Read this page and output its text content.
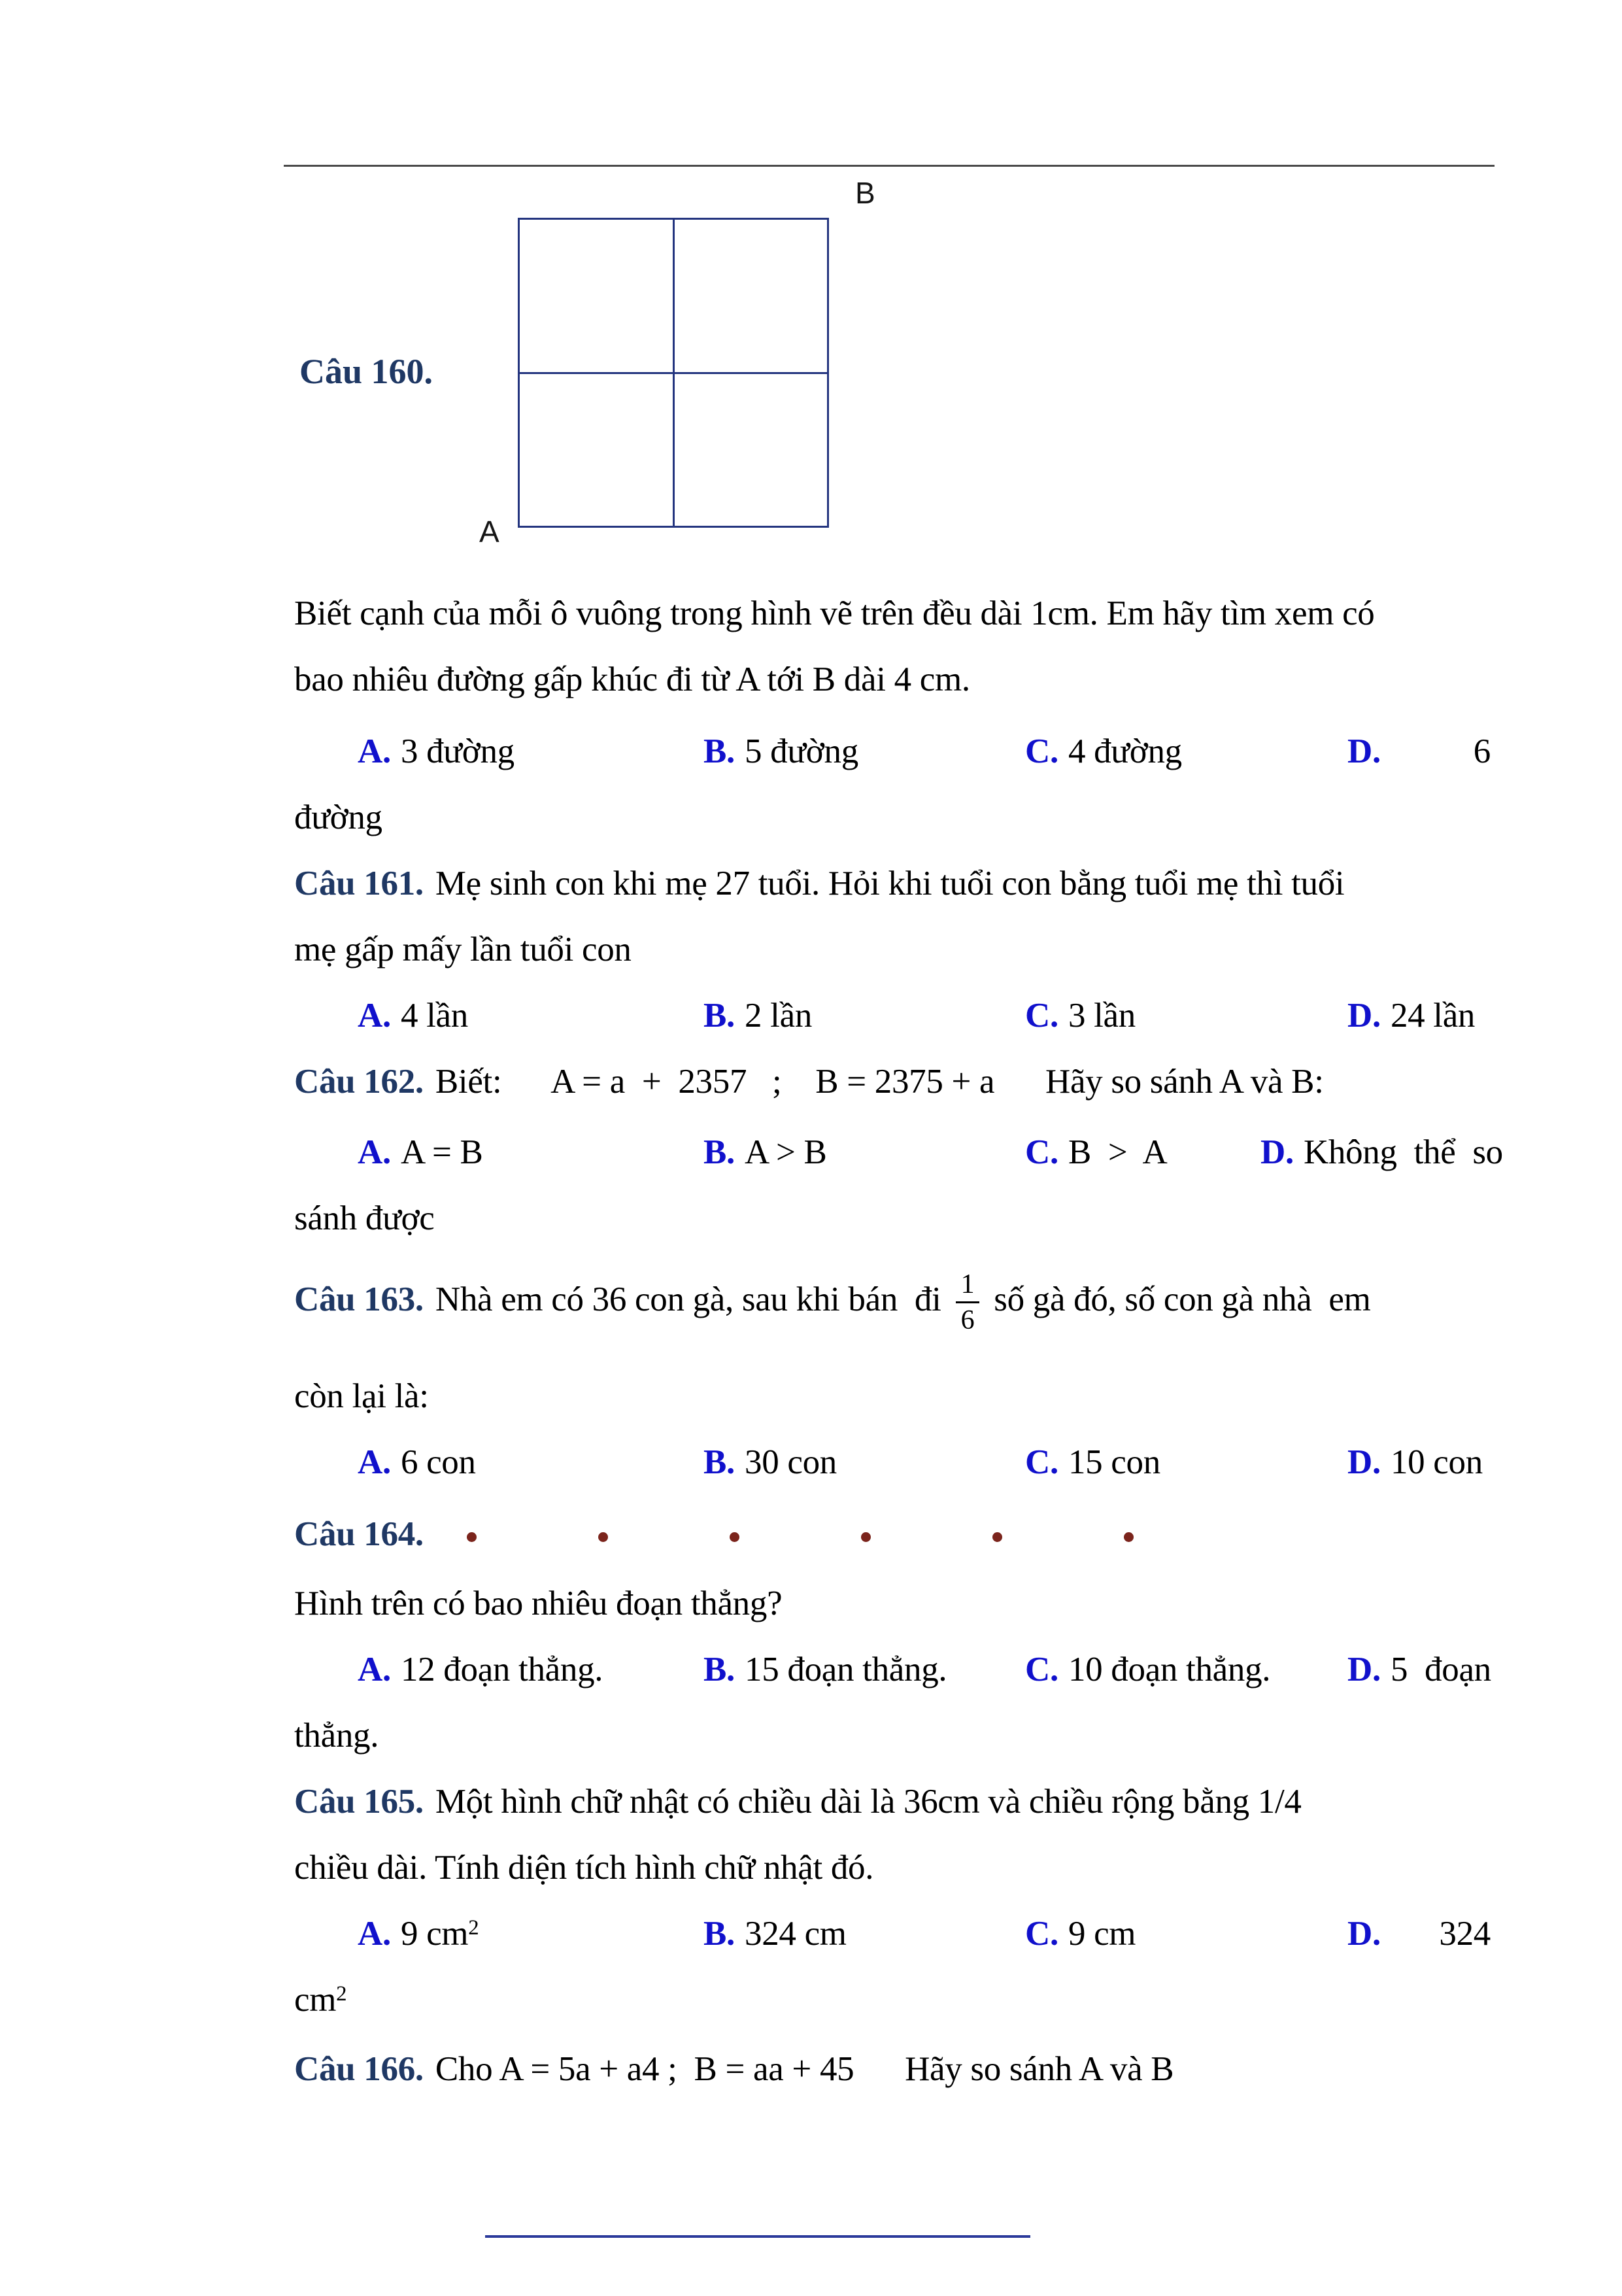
Câu 160.
B
A
Biết cạnh của mỗi ô vuông trong hình vẽ trên đều dài 1cm. Em hãy tìm xem có
bao nhiêu đường gấp khúc đi từ A tới B dài 4 cm.
A. 3 đường	B. 5 đường	C. 4 đường	D.	6
đường
Câu 161. Mẹ sinh con khi mẹ 27 tuổi. Hỏi khi tuổi con bằng tuổi mẹ thì tuổi
mẹ gấp mấy lần tuổi con
A. 4 lần	B. 2 lần	C. 3 lần	D. 24 lần
Câu 162. Biết:      A = a  +  2357   ;    B = 2375 + a      Hãy so sánh A và B:
A. A = B	B. A > B	C. B  >  A	D. Không  thể  so
sánh được
Câu 163. Nhà em có 36 con gà, sau khi bán  đi $\frac{1}{6}$ số gà đó, số con gà nhà  em
còn lại là:
A. 6 con	B. 30 con	C. 15 con	D. 10 con
Câu 164.
Hình trên có bao nhiêu đoạn thẳng?
A. 12 đoạn thẳng.	B. 15 đoạn thẳng. C. 10 đoạn thẳng. D. 5  đoạn
thẳng.
Câu 165. Một hình chữ nhật có chiều dài là 36cm và chiều rộng bằng 1/4
chiều dài. Tính diện tích hình chữ nhật đó.
A. 9 $cm^2$	B. 324 cm	C. 9 cm	D. 324
$cm^2$
Câu 166. Cho A = 5a + a4 ;  B = aa + 45      Hãy so sánh A và B
